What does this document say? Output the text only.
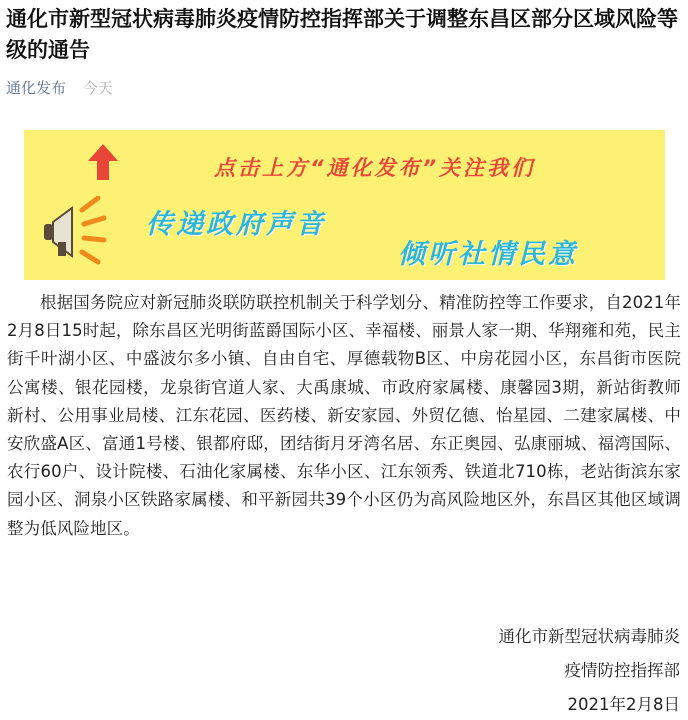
通化市新型冠状病毒肺炎疫情防控指挥部关于调整东昌区部分区域风险等级的通告
通化发布 今天
点击上方“通化发布”关注我们
传递政府声音
倾听社情民意

根据国务院应对新冠肺炎联防联控机制关于科学划分、精准防控等工作要求，自2021年2月8日15时起，除东昌区光明街蓝爵国际小区、幸福楼、丽景人家一期、华翔雍和苑，民主街千叶湖小区、中盛波尔多小镇、自由自宅、厚德载物B区、中房花园小区，东昌街市医院公寓楼、银花园楼，龙泉街官道人家、大禹康城、市政府家属楼、康馨园3期，新站街教师新村、公用事业局楼、江东花园、医药楼、新安家园、外贸亿德、怡星园、二建家属楼、中安欣盛A区、富通1号楼、银都府邸，团结街月牙湾名居、东正奥园、弘康丽城、福湾国际、农行60户、设计院楼、石油化家属楼、东华小区、江东领秀、铁道北710栋，老站街滨东家园小区、洞泉小区铁路家属楼、和平新园共39个小区仍为高风险地区外，东昌区其他区域调整为低风险地区。

通化市新型冠状病毒肺炎
疫情防控指挥部
2021年2月8日
